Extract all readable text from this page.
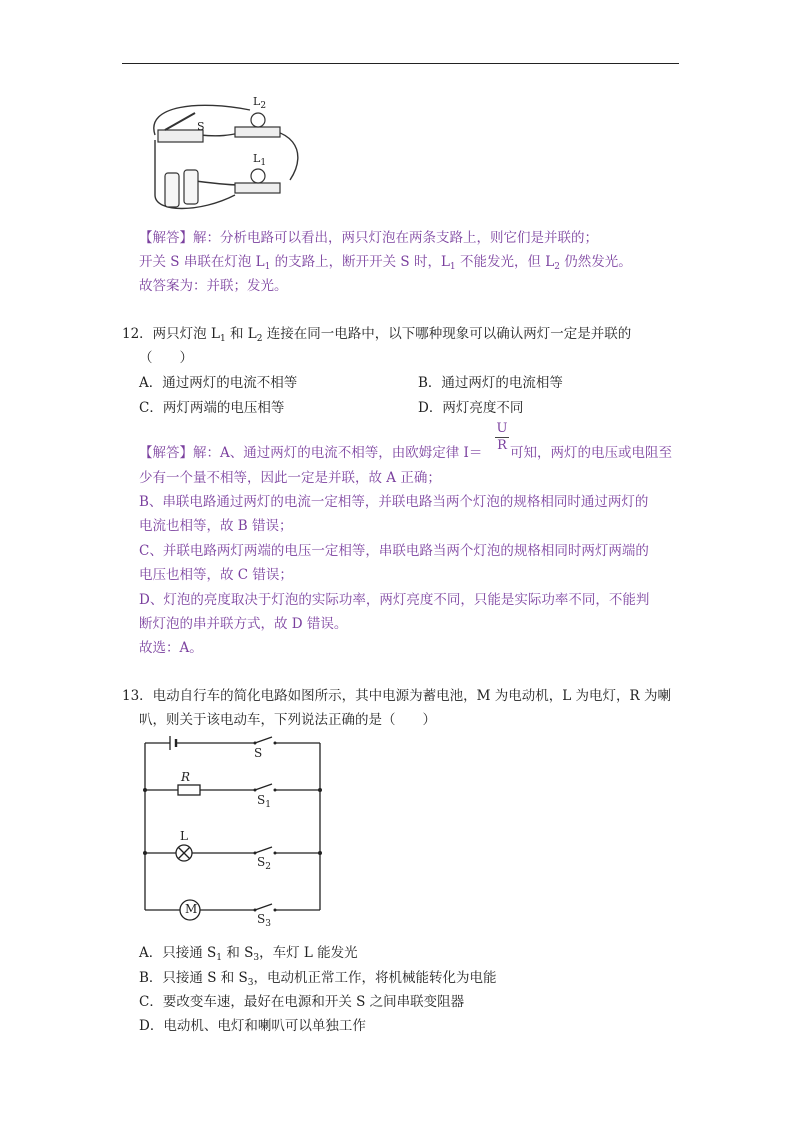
S
$L_2$
$L_1$
【解答】解：分析电路可以看出，两只灯泡在两条支路上，则它们是并联的；
开关 S 串联在灯泡 $L_1$ 的支路上，断开开关 S 时，$L_1$ 不能发光，但 $L_2$ 仍然发光。
故答案为：并联；发光。
12．两只灯泡 $L_1$ 和 $L_2$ 连接在同一电路中，以下哪种现象可以确认两灯一定是并联的
（　　）
A．通过两灯的电流不相等	B．通过两灯的电流相等
C．两灯两端的电压相等	D．两灯亮度不同
【解答】解：A、通过两灯的电流不相等，由欧姆定律 $I= \frac{U}{R}$ 可知，两灯的电压或电阻至
少有一个量不相等，因此一定是并联，故 A 正确；
B、串联电路通过两灯的电流一定相等，并联电路当两个灯泡的规格相同时通过两灯的
电流也相等，故 B 错误；
C、并联电路两灯两端的电压一定相等，串联电路当两个灯泡的规格相同时两灯两端的
电压也相等，故 C 错误；
D、灯泡的亮度取决于灯泡的实际功率，两灯亮度不同，只能是实际功率不同，不能判
断灯泡的串并联方式，故 D 错误。
故选：A。
13．电动自行车的简化电路如图所示，其中电源为蓄电池，M 为电动机，L 为电灯，R 为喇
叭，则关于该电动车，下列说法正确的是（　　）
S
R
$S_1$
L
$S_2$
M
$S_3$
A．只接通 $S_1$ 和 $S_3$，车灯 L 能发光
B．只接通 S 和 $S_3$，电动机正常工作，将机械能转化为电能
C．要改变车速，最好在电源和开关 S 之间串联变阻器
D．电动机、电灯和喇叭可以单独工作
